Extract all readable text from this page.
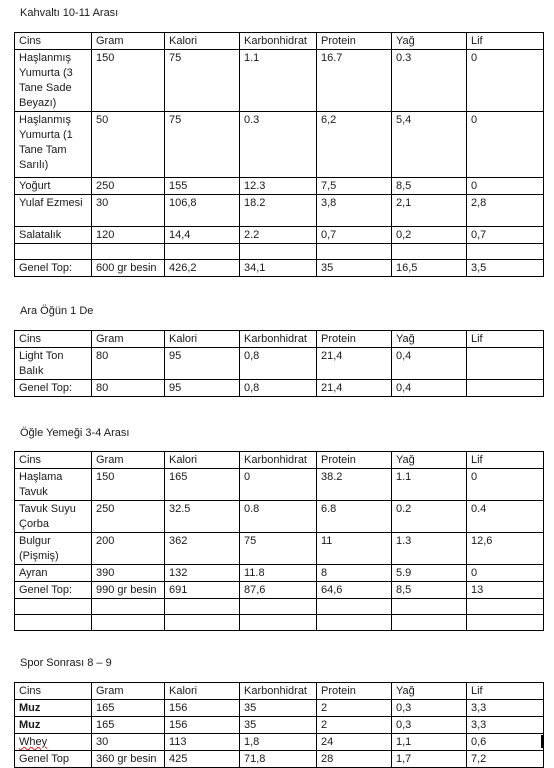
Kahvaltı 10-11 Arası
Cins	Gram	Kalori	Karbonhidrat	Protein	Yağ	Lif
Haşlanmış Yumurta (3 Tane Sade Beyazı)	150	75	1.1	16.7	0.3	0
Haşlanmış Yumurta (1 Tane Tam Sarılı)	50	75	0.3	6,2	5,4	0
Yoğurt	250	155	12.3	7,5	8,5	0
Yulaf Ezmesi	30	106,8	18.2	3,8	2,1	2,8
Salatalık	120	14,4	2.2	0,7	0,2	0,7

Genel Top:	600 gr besin	426,2	34,1	35	16,5	3,5
Ara Öğün 1 De
Cins	Gram	Kalori	Karbonhidrat	Protein	Yağ	Lif
Light Ton Balık	80	95	0,8	21,4	0,4	
Genel Top:	80	95	0,8	21,4	0,4	
Öğle Yemeği 3-4 Arası
Cins	Gram	Kalori	Karbonhidrat	Protein	Yağ	Lif
Haşlama Tavuk	150	165	0	38.2	1.1	0
Tavuk Suyu Çorba	250	32.5	0.8	6.8	0.2	0.4
Bulgur (Pişmiş)	200	362	75	11	1.3	12,6
Ayran	390	132	11.8	8	5.9	0
Genel Top:	990 gr besin	691	87,6	64,6	8,5	13

Spor Sonrası 8 – 9
Cins	Gram	Kalori	Karbonhidrat	Protein	Yağ	Lif
Muz	165	156	35	2	0,3	3,3
Muz	165	156	35	2	0,3	3,3
Whey	30	113	1,8	24	1,1	0,6
Genel Top	360 gr besin	425	71,8	28	1,7	7,2
